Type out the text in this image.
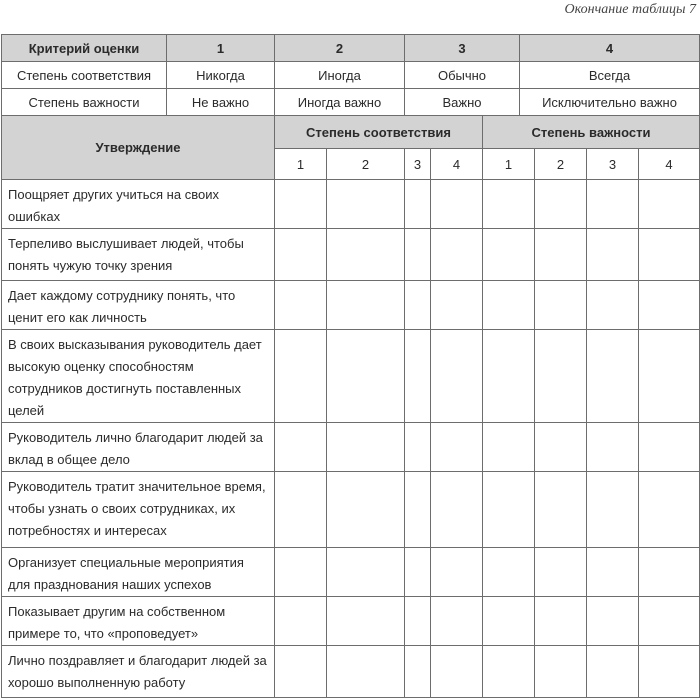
Окончание таблицы 7
Критерий оценки	1	2		3			4			
Степень соответствия	Никогда	Иногда		Обычно			Всегда			
Степень важности	Не важно	Иногда важно		Важно			Исключительно важно			
Утверждение		Степень соответствия				Степень важности				
		1	2	3	4	1		2	3	4
Поощряет других учиться на своих ошибках										
Терпеливо выслушивает людей, чтобы понять чужую точку зрения										
Дает каждому сотруднику понять, что ценит его как личность										
В своих высказывания руководитель дает высокую оценку способностям сотрудников достигнуть поставленных целей										
Руководитель лично благодарит людей за вклад в общее дело										
Руководитель тратит значительное время, чтобы узнать о своих сотрудниках, их потребностях и интересах										
Организует специальные мероприятия для празднования наших успехов										
Показывает другим на собственном примере то, что «проповедует»										
Лично поздравляет и благодарит людей за хорошо выполненную работу										
